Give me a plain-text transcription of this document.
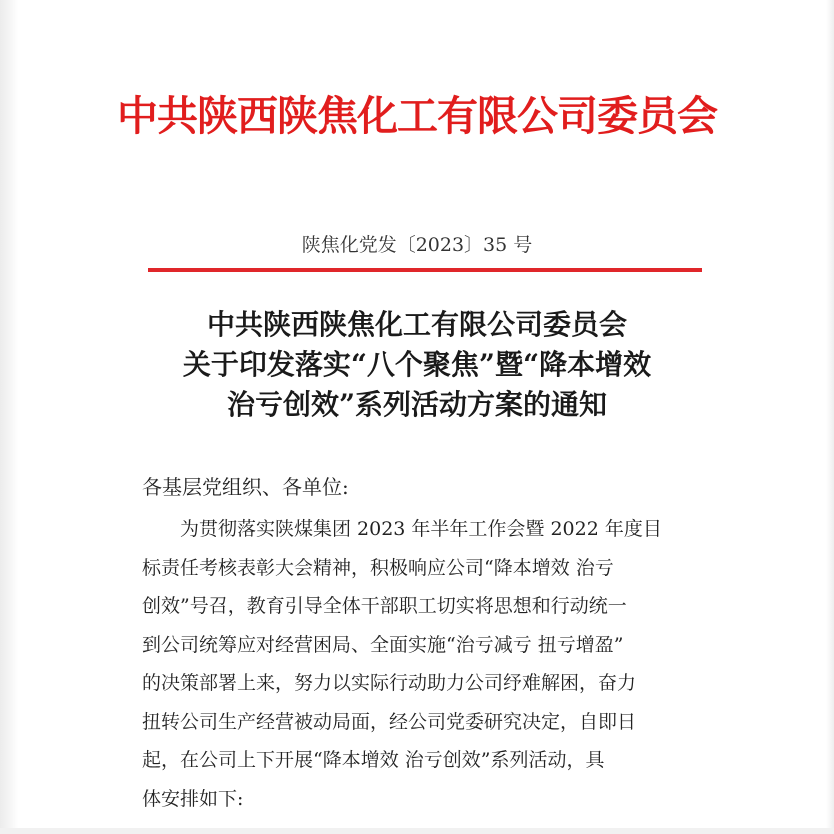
中共陕西陕焦化工有限公司委员会
陕焦化党发〔2023〕35 号
中共陕西陕焦化工有限公司委员会
关于印发落实“八个聚焦”暨“降本增效
治亏创效”系列活动方案的通知
各基层党组织、各单位:
为贯彻落实陕煤集团 2023 年半年工作会暨 2022 年度目
标责任考核表彰大会精神，积极响应公司“降本增效 治亏
创效”号召，教育引导全体干部职工切实将思想和行动统一
到公司统筹应对经营困局、全面实施“治亏减亏 扭亏增盈”
的决策部署上来，努力以实际行动助力公司纾难解困，奋力
扭转公司生产经营被动局面，经公司党委研究决定，自即日
起，在公司上下开展“降本增效 治亏创效”系列活动，具
体安排如下:
